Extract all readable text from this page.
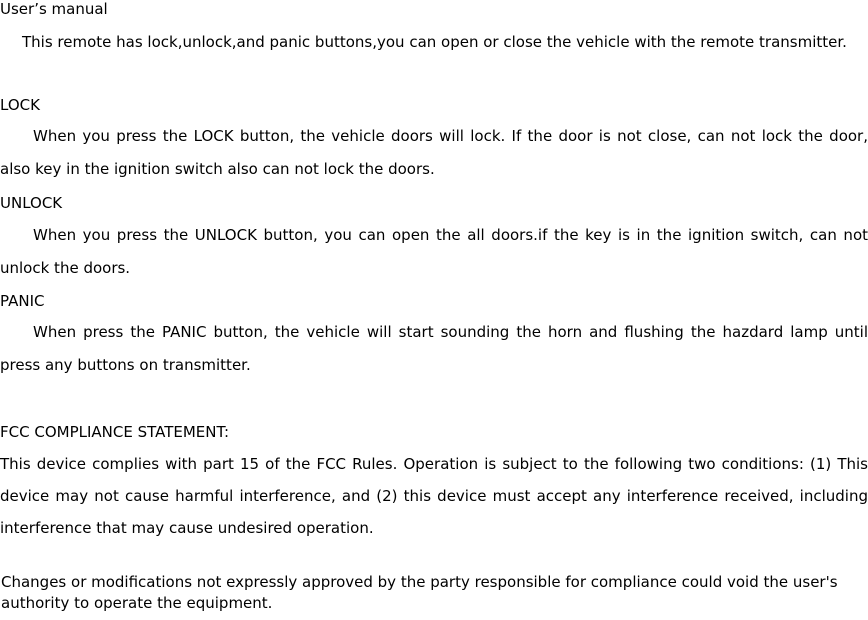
User’s manual
This remote has lock,unlock,and panic buttons,you can open or close the vehicle with the remote transmitter.
LOCK
When you press the LOCK button, the vehicle doors will lock. If the door is not close, can not lock the door, also key in the ignition switch also can not lock the doors.
UNLOCK
When you press the UNLOCK button, you can open the all doors.if the key is in the ignition switch, can not unlock the doors.
PANIC
When press the PANIC button, the vehicle will start sounding the horn and flushing the hazdard lamp until press any buttons on transmitter.
FCC COMPLIANCE STATEMENT:
This device complies with part 15 of the FCC Rules. Operation is subject to the following two conditions: (1) This device may not cause harmful interference, and (2) this device must accept any interference received, including interference that may cause undesired operation.
Changes or modifications not expressly approved by the party responsible for compliance could void the user's authority to operate the equipment.
